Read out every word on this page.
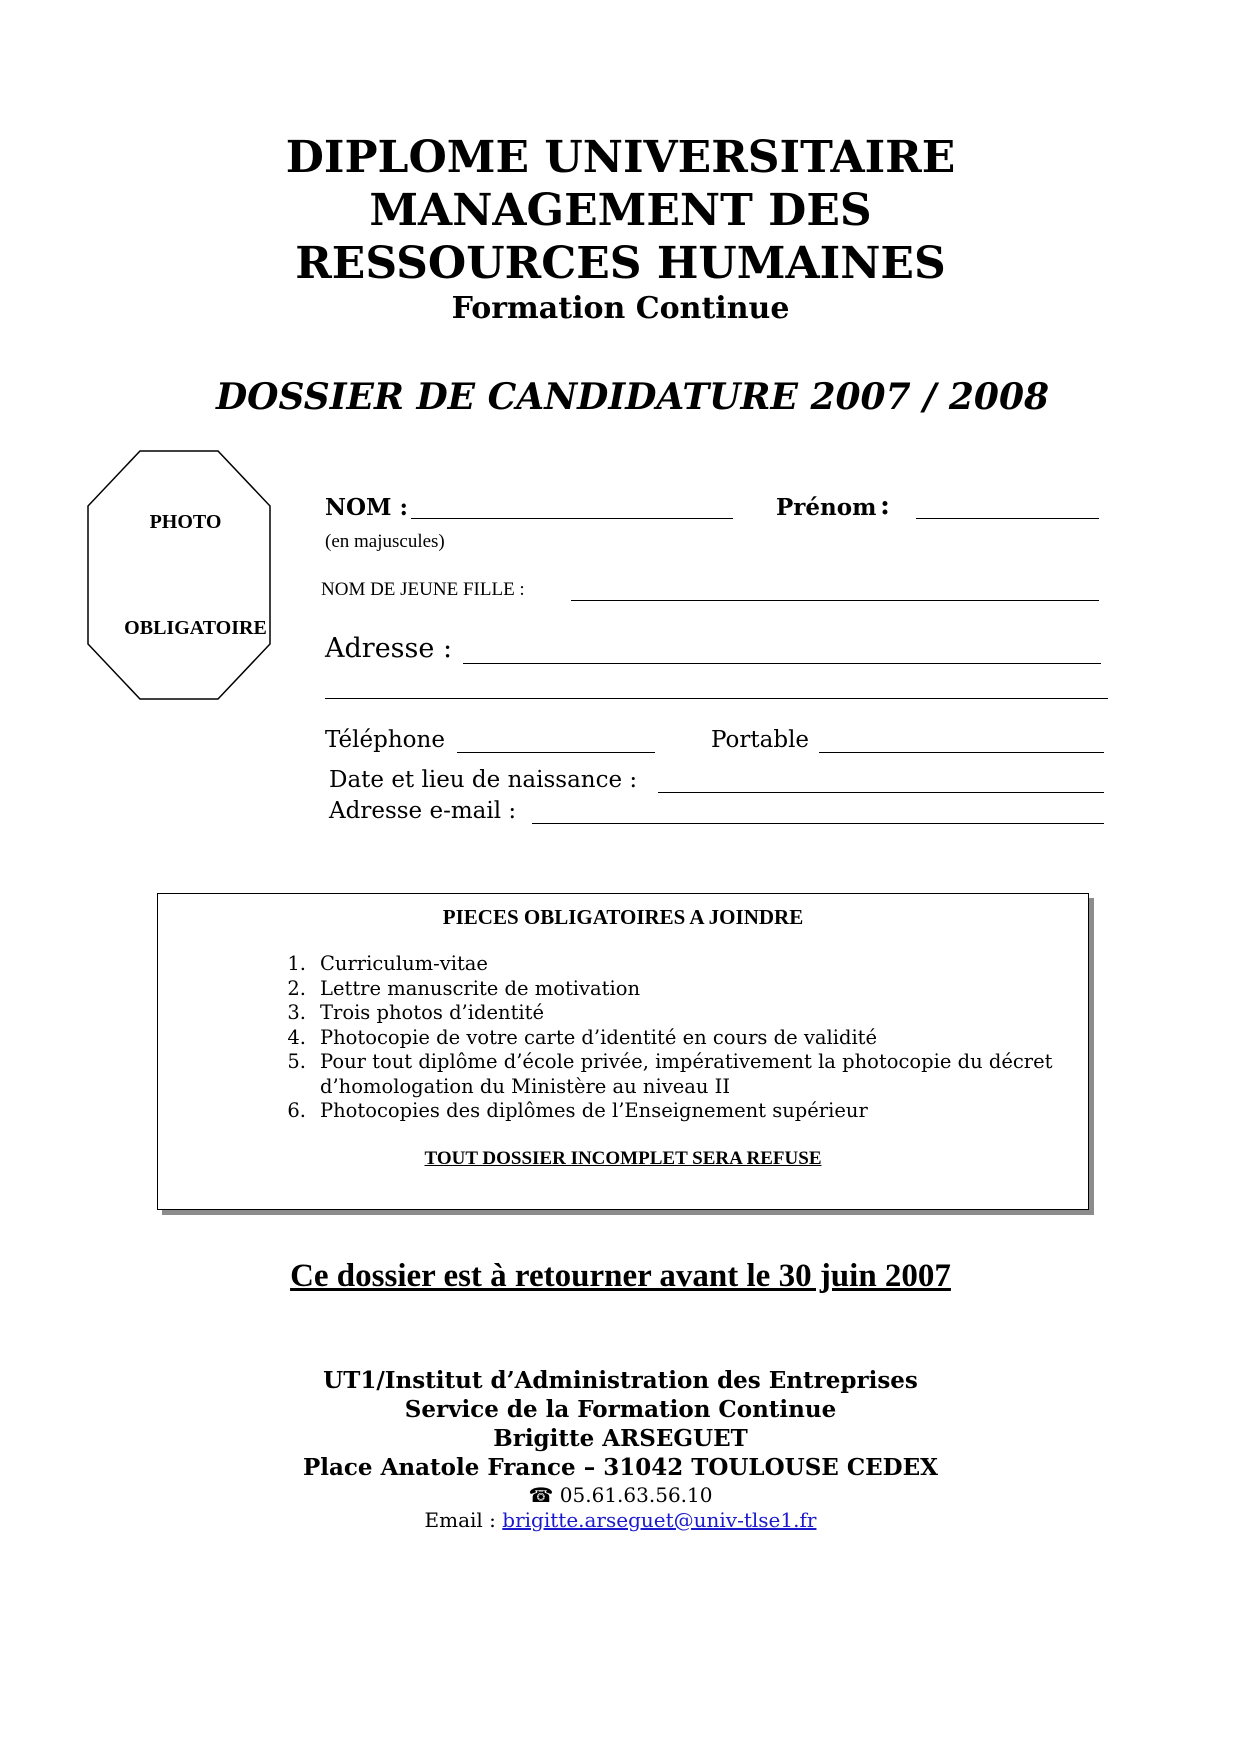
DIPLOME UNIVERSITAIRE
MANAGEMENT DES
RESSOURCES HUMAINES
Formation Continue
DOSSIER DE CANDIDATURE 2007 / 2008
PHOTO
OBLIGATOIRE
NOM :	Prénom :
(en majuscules)
NOM DE JEUNE FILLE :
Adresse :
Téléphone	Portable
Date et lieu de naissance :
Adresse e-mail :
PIECES OBLIGATOIRES A JOINDRE
1. Curriculum-vitae
2. Lettre manuscrite de motivation
3. Trois photos d’identité
4. Photocopie de votre carte d’identité en cours de validité
5. Pour tout diplôme d’école privée, impérativement la photocopie du décret
d’homologation du Ministère au niveau II
6. Photocopies des diplômes de l’Enseignement supérieur
TOUT DOSSIER INCOMPLET SERA REFUSE
Ce dossier est à retourner avant le 30 juin 2007
UT1/Institut d’Administration des Entreprises
Service de la Formation Continue
Brigitte ARSEGUET
Place Anatole France – 31042 TOULOUSE CEDEX
☎ 05.61.63.56.10
Email : brigitte.arseguet@univ-tlse1.fr
